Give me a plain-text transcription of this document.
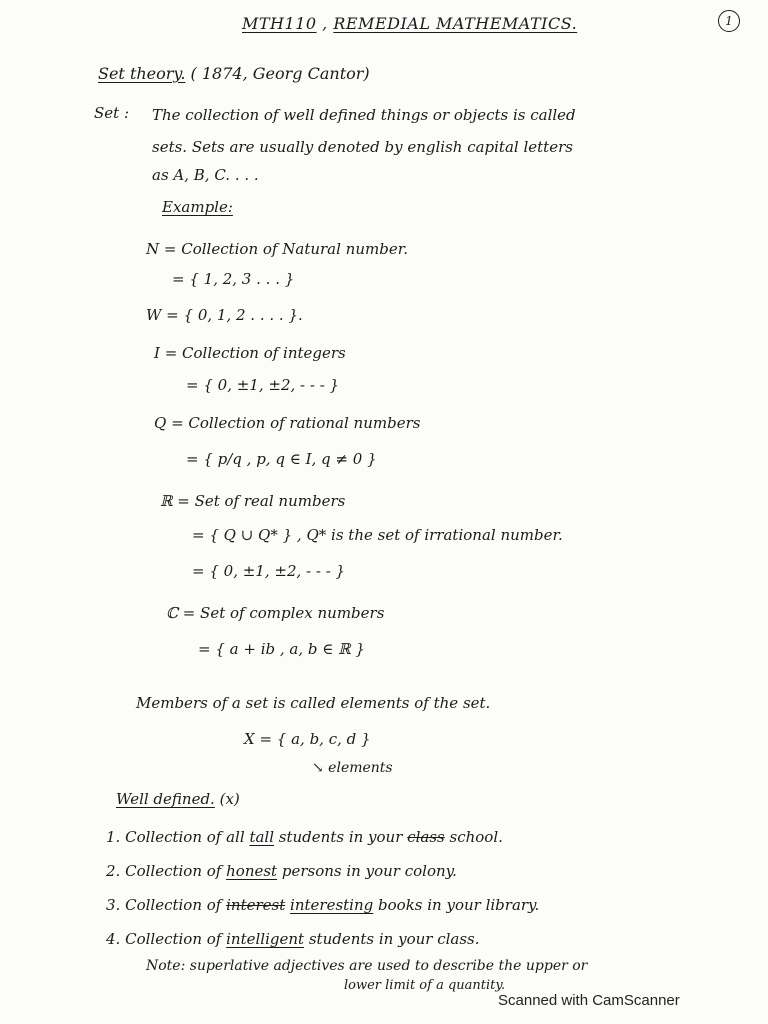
MTH110 , REMEDIAL MATHEMATICS.	1
Set theory. ( 1874, Georg Cantor)
Set : The collection of well defined things or objects is called
sets. Sets are usually denoted by english capital letters
as A, B, C. . . .
Example:
N = Collection of Natural number.
= { 1, 2, 3 . . . }
W = { 0, 1, 2 . . . . }.
I = Collection of integers
= { 0, ±1, ±2, - - - }
Q = Collection of rational numbers
= { p/q , p, q ∈ I, q ≠ 0 }
ℝ = Set of real numbers
= { Q ∪ Q* } , Q* is the set of irrational number.
= { 0, ±1, ±2, - - - }
ℂ = Set of complex numbers
= { a + ib , a, b ∈ ℝ }
Members of a set is called elements of the set.
X = { a, b, c, d }
↘ elements
Well defined. (x)
1. Collection of all tall students in your class school.
2. Collection of honest persons in your colony.
3. Collection of interest interesting books in your library.
4. Collection of intelligent students in your class.
Note: superlative adjectives are used to describe the upper or
lower limit of a quantity.
Scanned with CamScanner
